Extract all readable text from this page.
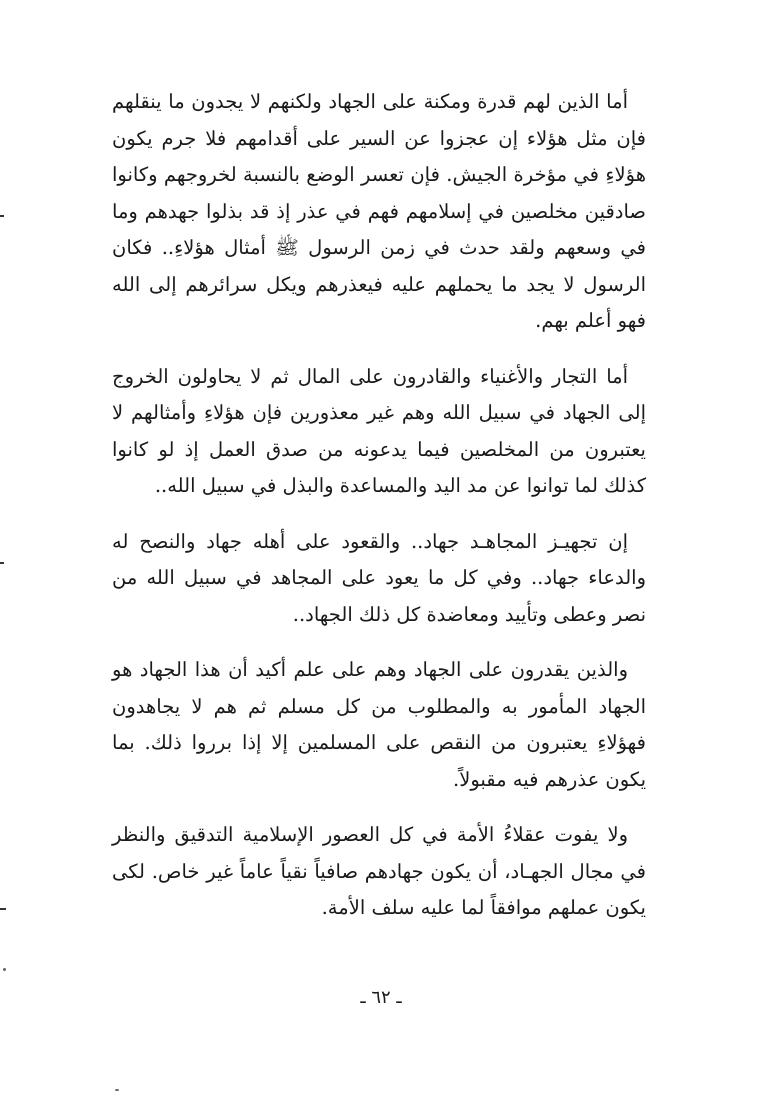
أما الذين لهم قدرة ومكنة على الجهاد ولكنهم لا يجدون ما ينقلهم فإن مثل هؤلاء إن عجزوا عن السير على أقدامهم فلا جرم يكون هؤلاءِ في مؤخرة الجيش. فإن تعسر الوضع بالنسبة لخروجهم وكانوا صادقين مخلصين في إسلامهم فهم في عذر إذ قد بذلوا جهدهم وما في وسعهم ولقد حدث في زمن الرسول ﷺ أمثال هؤلاءِ.. فكان الرسول لا يجد ما يحملهم عليه فيعذرهم ويكل سرائرهم إلى الله فهو أعلم بهم.

أما التجار والأغنياء والقادرون على المال ثم لا يحاولون الخروج إلى الجهاد في سبيل الله وهم غير معذورين فإن هؤلاءِ وأمثالهم لا يعتبرون من المخلصين فيما يدعونه من صدق العمل إذ لو كانوا كذلك لما توانوا عن مد اليد والمساعدة والبذل في سبيل الله..

إن تجهيـز المجاهـد جهاد.. والقعود على أهله جهاد والنصح له والدعاء جهاد.. وفي كل ما يعود على المجاهد في سبيل الله من نصر وعطى وتأييد ومعاضدة كل ذلك الجهاد..

والذين يقدرون على الجهاد وهم على علم أكيد أن هذا الجهاد هو الجهاد المأمور به والمطلوب من كل مسلم ثم هم لا يجاهدون فهؤلاءِ يعتبرون من النقص على المسلمين إلا إذا برروا ذلك. بما يكون عذرهم فيه مقبولاً.

ولا يفوت عقلاءُ الأمة في كل العصور الإسلامية التدقيق والنظر في مجال الجهـاد، أن يكون جهادهم صافياً نقياً عاماً غير خاص. لكى يكون عملهم موافقاً لما عليه سلف الأمة.

ـ ٦٢ ـ
